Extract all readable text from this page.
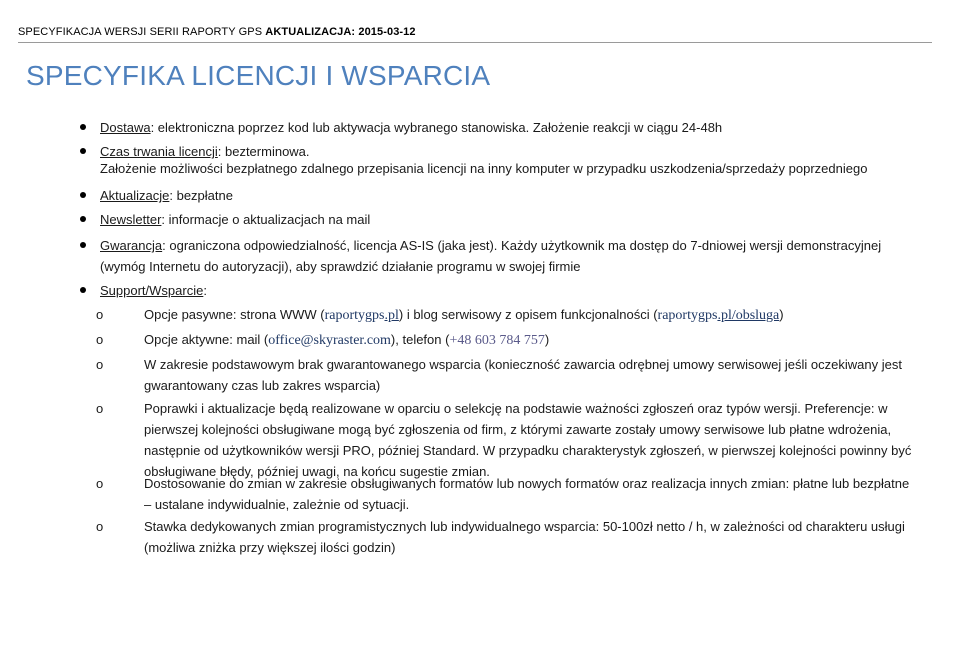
SPECYFIKACJA WERSJI SERII RAPORTY GPS AKTUALIZACJA: 2015-03-12
SPECYFIKA LICENCJI I WSPARCIA
Dostawa: elektroniczna poprzez kod lub aktywacja wybranego stanowiska. Założenie reakcji w ciągu 24-48h
Czas trwania licencji: bezterminowa.
Założenie możliwości bezpłatnego zdalnego przepisania licencji na inny komputer w przypadku uszkodzenia/sprzedaży poprzedniego
Aktualizacje: bezpłatne
Newsletter: informacje o aktualizacjach na mail
Gwarancja: ograniczona odpowiedzialność, licencja AS-IS (jaka jest). Każdy użytkownik ma dostęp do 7-dniowej wersji demonstracyjnej (wymóg Internetu do autoryzacji), aby sprawdzić działanie programu w swojej firmie
Support/Wsparcie:
o	Opcje pasywne: strona WWW (raportygps.pl) i blog serwisowy z opisem funkcjonalności (raportygps.pl/obsluga)
o	Opcje aktywne: mail (office@skyraster.com), telefon (+48 603 784 757)
o	W zakresie podstawowym brak gwarantowanego wsparcia (konieczność zawarcia odrębnej umowy serwisowej jeśli oczekiwany jest gwarantowany czas lub zakres wsparcia)
o	Poprawki i aktualizacje będą realizowane w oparciu o selekcję na podstawie ważności zgłoszeń oraz typów wersji. Preferencje: w pierwszej kolejności obsługiwane mogą być zgłoszenia od firm, z którymi zawarte zostały umowy serwisowe lub płatne wdrożenia, następnie od użytkowników wersji PRO, później Standard. W przypadku charakterystyk zgłoszeń, w pierwszej kolejności powinny być obsługiwane błędy, później uwagi, na końcu sugestie zmian.
o	Dostosowanie do zmian w zakresie obsługiwanych formatów lub nowych formatów oraz realizacja innych zmian: płatne lub bezpłatne – ustalane indywidualnie, zależnie od sytuacji.
o	Stawka dedykowanych zmian programistycznych lub indywidualnego wsparcia: 50-100zł netto / h, w zależności od charakteru usługi (możliwa zniżka przy większej ilości godzin)
